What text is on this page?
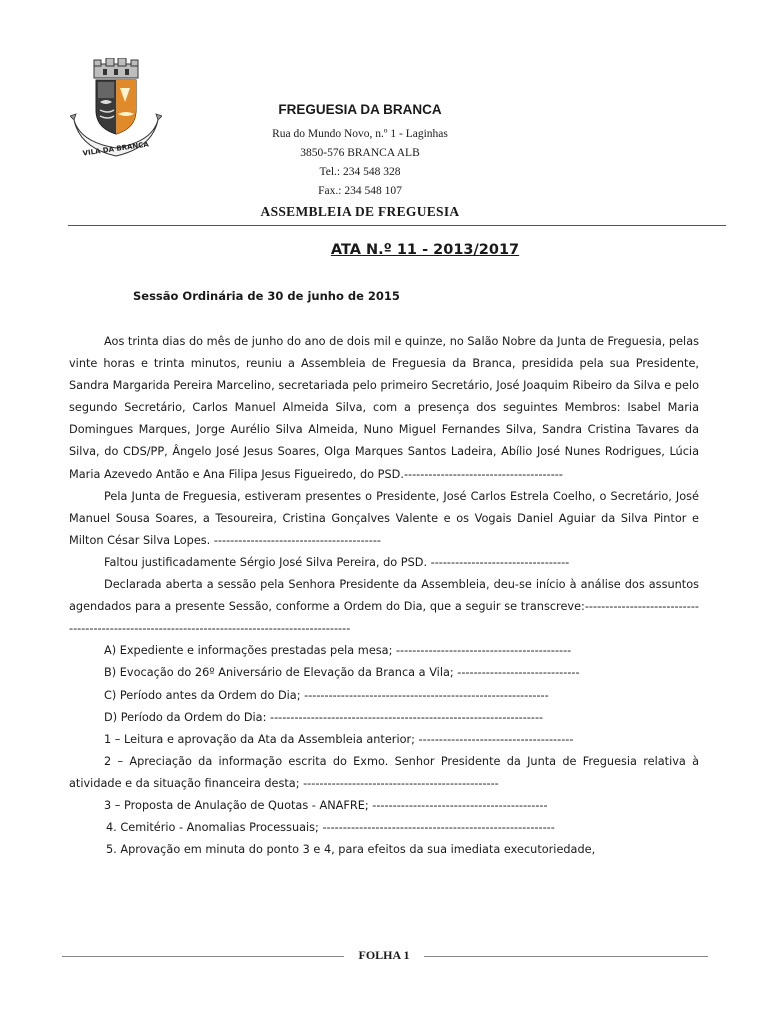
VILA DA BRANCA
FREGUESIA DA BRANCA
Rua do Mundo Novo, n.º 1 - Laginhas
3850-576 BRANCA ALB
Tel.: 234 548 328
Fax.: 234 548 107
ASSEMBLEIA DE FREGUESIA
ATA N.º 11 - 2013/2017
Sessão Ordinária de 30 de junho de 2015

Aos trinta dias do mês de junho do ano de dois mil e quinze, no Salão Nobre da Junta de Freguesia, pelas vinte horas e trinta minutos, reuniu a Assembleia de Freguesia da Branca, presidida pela sua Presidente, Sandra Margarida Pereira Marcelino, secretariada pelo primeiro Secretário, José Joaquim Ribeiro da Silva e pelo segundo Secretário, Carlos Manuel Almeida Silva, com a presença dos seguintes Membros: Isabel Maria Domingues Marques, Jorge Aurélio Silva Almeida, Nuno Miguel Fernandes Silva, Sandra Cristina Tavares da Silva, do CDS/PP, Ângelo José Jesus Soares, Olga Marques Santos Ladeira, Abílio José Nunes Rodrigues, Lúcia Maria Azevedo Antão e Ana Filipa Jesus Figueiredo, do PSD.---------------------------------------

Pela Junta de Freguesia, estiveram presentes o Presidente, José Carlos Estrela Coelho, o Secretário, José Manuel Sousa Soares, a Tesoureira, Cristina Gonçalves Valente e os Vogais Daniel Aguiar da Silva Pintor e Milton César Silva Lopes. -----------------------------------------

Faltou justificadamente Sérgio José Silva Pereira, do PSD. ----------------------------------

Declarada aberta a sessão pela Senhora Presidente da Assembleia, deu-se início à análise dos assuntos agendados para a presente Sessão, conforme a Ordem do Dia, que a seguir se transcreve:-------------------------------------------------------------------------------------------------

A) Expediente e informações prestadas pela mesa; -------------------------------------------

B) Evocação do 26º Aniversário de Elevação da Branca a Vila; ------------------------------

C) Período antes da Ordem do Dia; ------------------------------------------------------------

D) Período da Ordem do Dia: -------------------------------------------------------------------

1 – Leitura e aprovação da Ata da Assembleia anterior; --------------------------------------

2 – Apreciação da informação escrita do Exmo. Senhor Presidente da Junta de Freguesia relativa à atividade e da situação financeira desta; ------------------------------------------------

3 – Proposta de Anulação de Quotas - ANAFRE; -------------------------------------------

4. Cemitério - Anomalias Processuais; ---------------------------------------------------------

5. Aprovação em minuta do ponto 3 e 4, para efeitos da sua imediata executoriedade,

FOLHA 1
